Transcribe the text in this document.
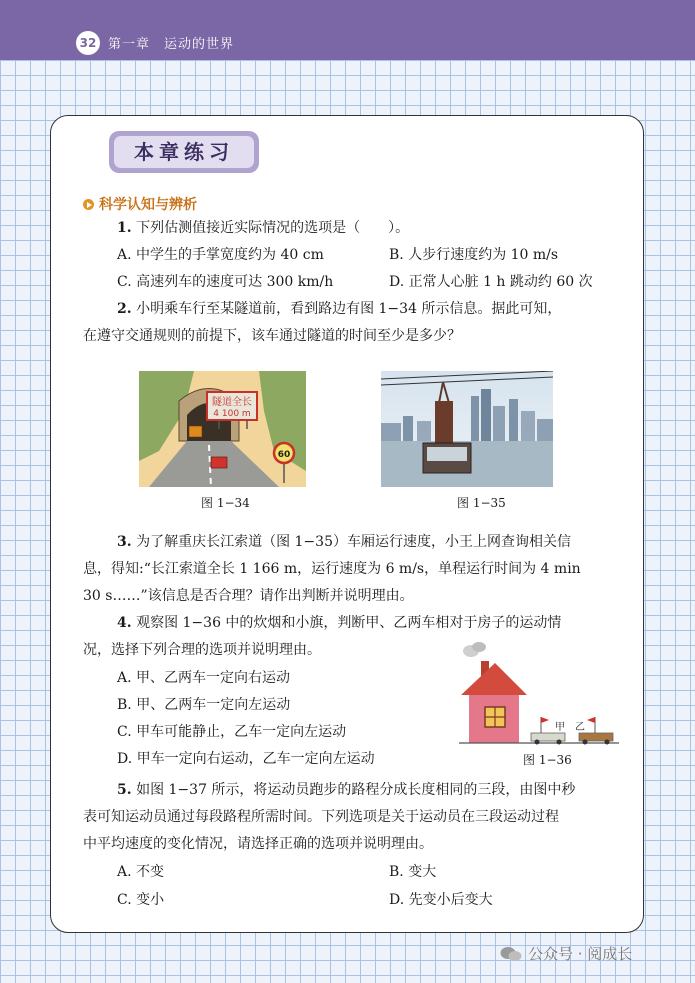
32 第一章　运动的世界
本章练习
科学认知与辨析
1. 下列估测值接近实际情况的选项是（　　）。
A. 中学生的手掌宽度约为 40 cm	B. 人步行速度约为 10 m/s
C. 高速列车的速度可达 300 km/h	D. 正常人心脏 1 h 跳动约 60 次
2. 小明乘车行至某隧道前，看到路边有图 1−34 所示信息。据此可知，
在遵守交通规则的前提下，该车通过隧道的时间至少是多少？
隧道全长
4 100 m
60
图 1−34	图 1−35
3. 为了解重庆长江索道（图 1−35）车厢运行速度，小王上网查询相关信
息，得知:“长江索道全长 1 166 m，运行速度为 6 m/s，单程运行时间为 4 min
30 s……”该信息是否合理？请作出判断并说明理由。
4. 观察图 1−36 中的炊烟和小旗，判断甲、乙两车相对于房子的运动情
况，选择下列合理的选项并说明理由。
A. 甲、乙两车一定向右运动
B. 甲、乙两车一定向左运动
C. 甲车可能静止，乙车一定向左运动
D. 甲车一定向右运动，乙车一定向左运动
甲 乙
图 1−36
5. 如图 1−37 所示，将运动员跑步的路程分成长度相同的三段，由图中秒
表可知运动员通过每段路程所需时间。下列选项是关于运动员在三段运动过程
中平均速度的变化情况，请选择正确的选项并说明理由。
A. 不变	B. 变大
C. 变小	D. 先变小后变大
公众号 · 阅成长
